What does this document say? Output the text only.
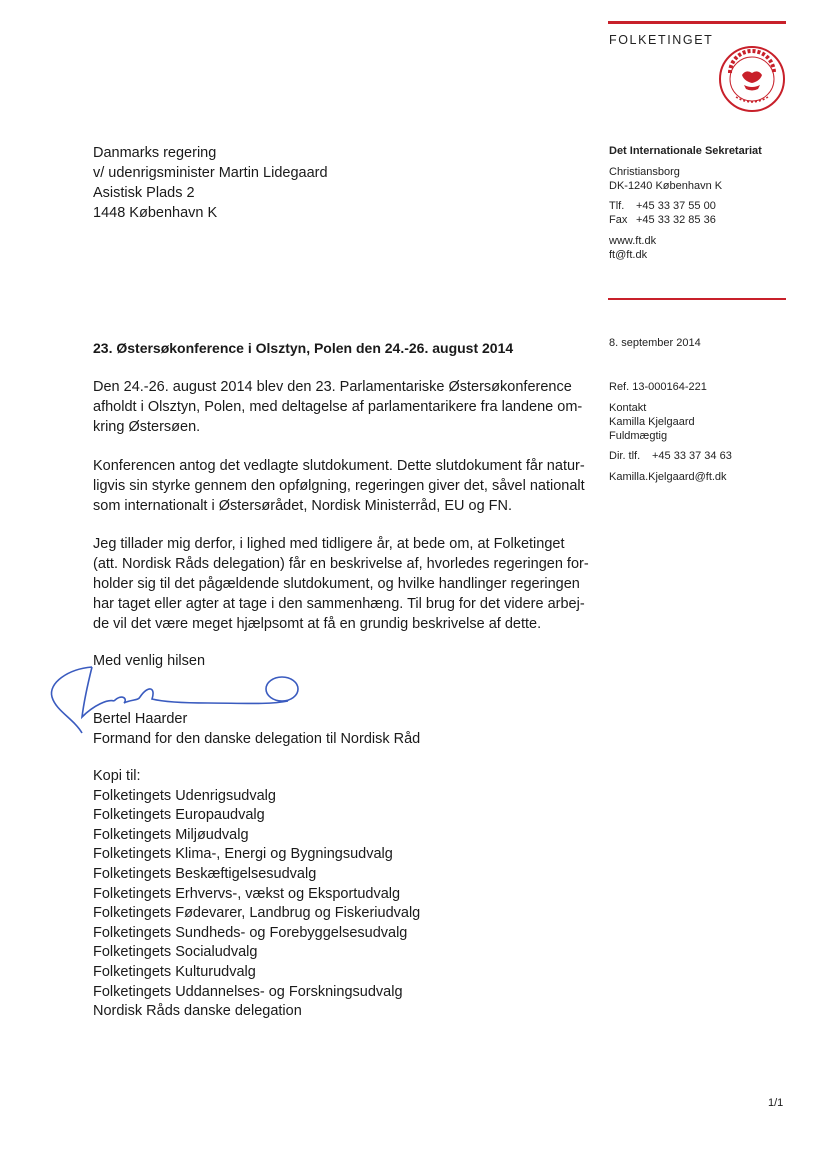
FOLKETINGET
Det Internationale Sekretariat
Christiansborg
DK-1240 København K
Tlf. +45 33 37 55 00
Fax +45 33 32 85 36
www.ft.dk
ft@ft.dk
8. september 2014
Ref. 13-000164-221
Kontakt
Kamilla Kjelgaard
Fuldmægtig
Dir. tlf. +45 33 37 34 63
Kamilla.Kjelgaard@ft.dk
Danmarks regering
v/ udenrigsminister Martin Lidegaard
Asistisk Plads 2
1448 København K
23. Østersøkonference i Olsztyn, Polen den 24.-26. august 2014
Den 24.-26. august 2014 blev den 23. Parlamentariske Østersøkonference
afholdt i Olsztyn, Polen, med deltagelse af parlamentarikere fra landene om-
kring Østersøen.
Konferencen antog det vedlagte slutdokument. Dette slutdokument får natur-
ligvis sin styrke gennem den opfølgning, regeringen giver det, såvel nationalt
som internationalt i Østersørådet, Nordisk Ministerråd, EU og FN.
Jeg tillader mig derfor, i lighed med tidligere år, at bede om, at Folketinget
(att. Nordisk Råds delegation) får en beskrivelse af, hvorledes regeringen for-
holder sig til det pågældende slutdokument, og hvilke handlinger regeringen
har taget eller agter at tage i den sammenhæng. Til brug for det videre arbej-
de vil det være meget hjælpsomt at få en grundig beskrivelse af dette.
Med venlig hilsen
Bertel Haarder
Formand for den danske delegation til Nordisk Råd
Kopi til:
Folketingets Udenrigsudvalg
Folketingets Europaudvalg
Folketingets Miljøudvalg
Folketingets Klima-, Energi og Bygningsudvalg
Folketingets Beskæftigelsesudvalg
Folketingets Erhvervs-, vækst og Eksportudvalg
Folketingets Fødevarer, Landbrug og Fiskeriudvalg
Folketingets Sundheds- og Forebyggelsesudvalg
Folketingets Socialudvalg
Folketingets Kulturudvalg
Folketingets Uddannelses- og Forskningsudvalg
Nordisk Råds danske delegation
1/1
